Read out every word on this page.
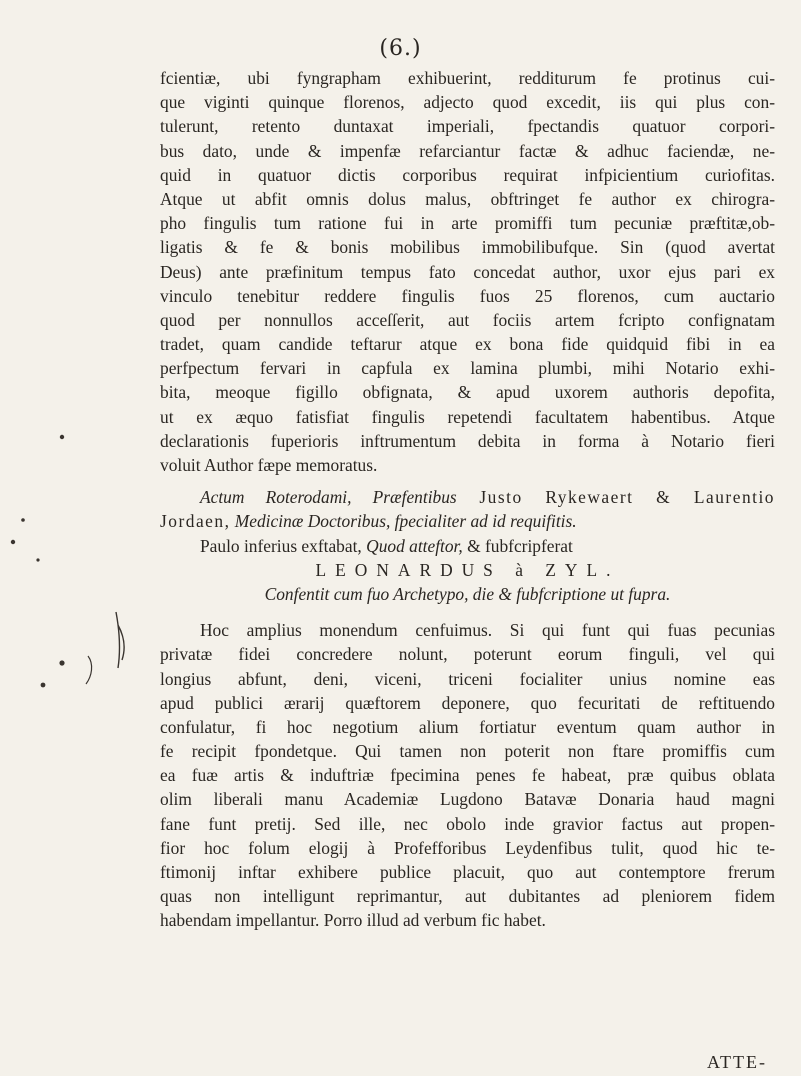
(6.)
fcientiæ, ubi fyngrapham exhibuerint, redditurum fe protinus cui-
que viginti quinque florenos, adjecto quod excedit, iis qui plus con-
tulerunt, retento duntaxat imperiali, fpectandis quatuor corpori-
bus dato, unde & impenfæ refarciantur factæ & adhuc faciendæ, ne-
quid in quatuor dictis corporibus requirat infpicientium curiofitas.
Atque ut abfit omnis dolus malus, obftringet fe author ex chirogra-
pho fingulis tum ratione fui in arte promiffi tum pecuniæ præftitæ,ob-
ligatis & fe & bonis mobilibus immobilibufque. Sin (quod avertat
Deus) ante præfinitum tempus fato concedat author, uxor ejus pari ex
vinculo tenebitur reddere fingulis fuos 25 florenos, cum auctario
quod per nonnullos acceſſerit, aut fociis artem fcripto confignatam
tradet, quam candide teftarur atque ex bona fide quidquid fibi in ea
perfpectum fervari in capfula ex lamina plumbi, mihi Notario exhi-
bita, meoque figillo obfignata, & apud uxorem authoris depofita,
ut ex æquo fatisfiat fingulis repetendi facultatem habentibus. Atque
declarationis fuperioris inftrumentum debita in forma à Notario fieri
voluit Author fæpe memoratus.
Actum Roterodami, Præfentibus Justo Rykewaert & Laurentio
Jordaen, Medicinæ Doctoribus, fpecialiter ad id requifitis.
Paulo inferius exftabat, Quod atteftor, & fubfcripferat
LEONARDUS à ZYL.
Confentit cum fuo Archetypo, die & fubfcriptione ut fupra.
Hoc amplius monendum cenfuimus. Si qui funt qui fuas pecunias
privatæ fidei concredere nolunt, poterunt eorum finguli, vel qui
longius abfunt, deni, viceni, triceni focialiter unius nomine eas
apud publici ærarij quæftorem deponere, quo fecuritati de reftituendo
confulatur, fi hoc negotium alium fortiatur eventum quam author in
fe recipit fpondetque. Qui tamen non poterit non ftare promiffis cum
ea fuæ artis & induftriæ fpecimina penes fe habeat, præ quibus oblata
olim liberali manu Academiæ Lugdono Batavæ Donaria haud magni
fane funt pretij. Sed ille, nec obolo inde gravior factus aut propen-
fior hoc folum elogij à Profefforibus Leydenfibus tulit, quod hic te-
ftimonij inftar exhibere publice placuit, quo aut contemptore frerum
quas non intelligunt reprimantur, aut dubitantes ad pleniorem fidem
habendam impellantur. Porro illud ad verbum fic habet.
ATTE-
